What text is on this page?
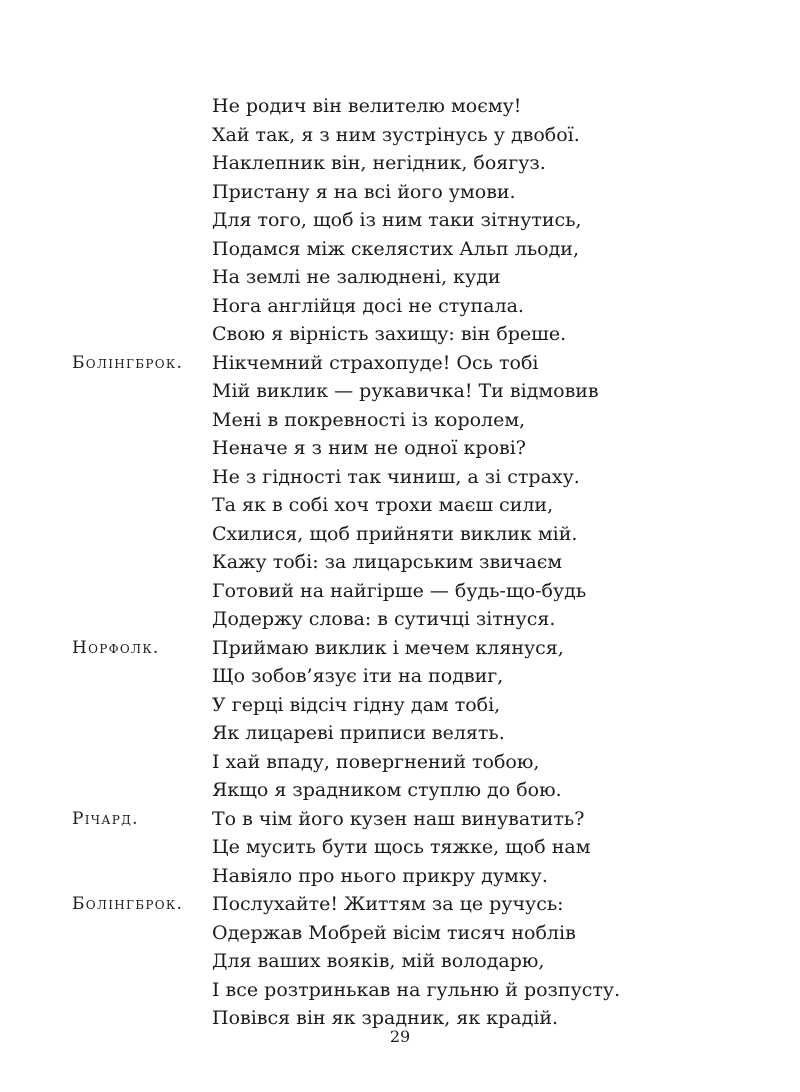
Не родич він велителю моєму!
Хай так, я з ним зустрінусь у двобої.
Наклепник він, негідник, боягуз.
Пристану я на всі його умови.
Для того, щоб із ним таки зітнутись,
Подамся між скелястих Альп льоди,
На землі не залюднені, куди
Нога англійця досі не ступала.
Свою я вірність захищу: він бреше.
Болінгброк. Нікчемний страхопуде! Ось тобі
Мій виклик — рукавичка! Ти відмовив
Мені в покревності із королем,
Неначе я з ним не одної крові?
Не з гідності так чиниш, а зі страху.
Та як в собі хоч трохи маєш сили,
Схилися, щоб прийняти виклик мій.
Кажу тобі: за лицарським звичаєм
Готовий на найгірше — будь-що-будь
Додержу слова: в сутичці зітнуся.
Норфолк.	Приймаю виклик і мечем клянуся,
Що зобов’язує іти на подвиг,
У герці відсіч гідну дам тобі,
Як лицареві приписи велять.
І хай впаду, повергнений тобою,
Якщо я зрадником ступлю до бою.
Річард.	То в чім його кузен наш винуватить?
Це мусить бути щось тяжке, щоб нам
Навіяло про нього прикру думку.
Болінгброк. Послухайте! Життям за це ручусь:
Одержав Мобрей вісім тисяч ноблів
Для ваших вояків, мій володарю,
І все розтринькав на гульню й розпусту.
Повівся він як зрадник, як крадій.
29
